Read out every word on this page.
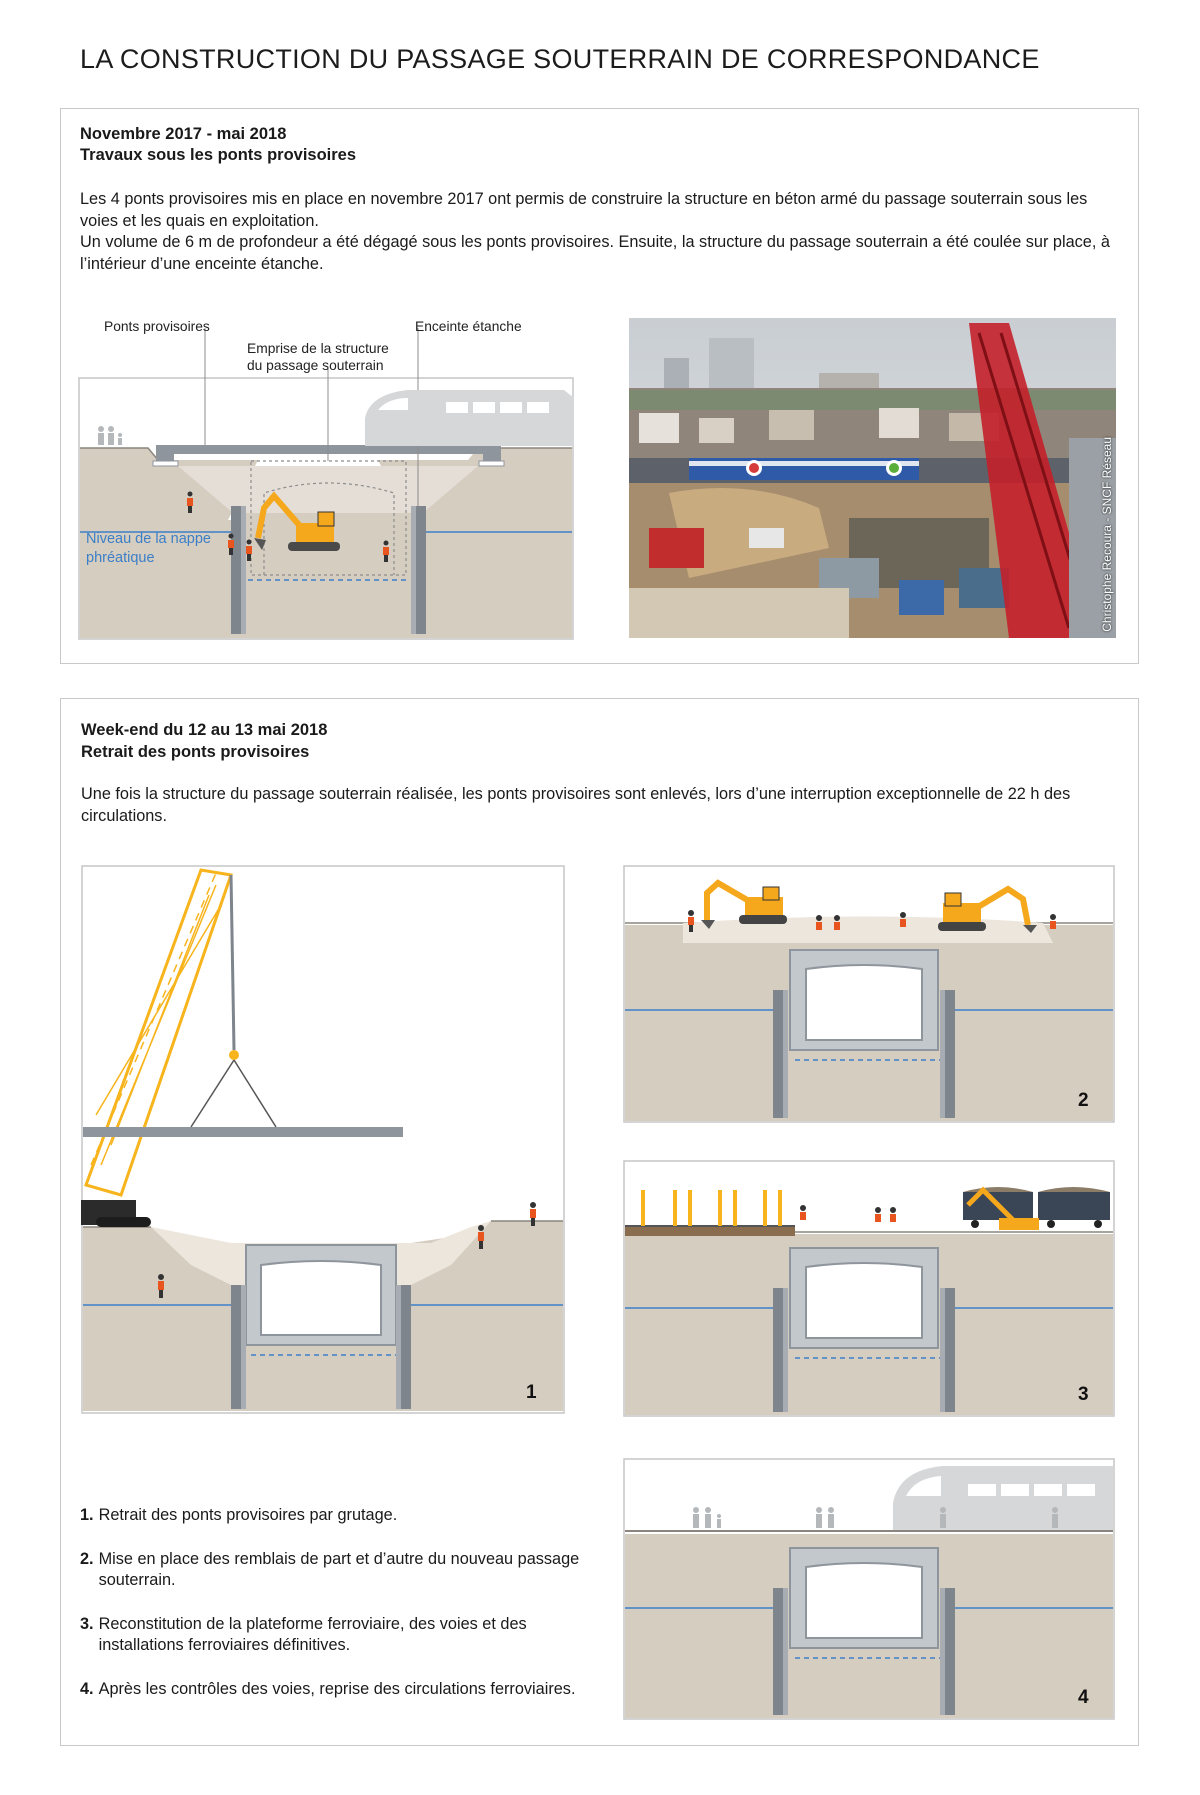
LA CONSTRUCTION DU PASSAGE SOUTERRAIN DE CORRESPONDANCE
Novembre 2017 - mai 2018
Travaux sous les ponts provisoires

Les 4 ponts provisoires mis en place en novembre 2017 ont permis de construire la structure en béton armé du passage souterrain sous les voies et les quais en exploitation.

Un volume de 6 m de profondeur a été dégagé sous les ponts provisoires. Ensuite, la structure du passage souterrain a été coulée sur place, à l’intérieur d’une enceinte étanche.

Ponts provisoires
Emprise de la structure
du passage souterrain
Enceinte étanche
Niveau de la nappe
phréatique	Christophe Recoura - SNCF Réseau
Week-end du 12 au 13 mai 2018
Retrait des ponts provisoires

Une fois la structure du passage souterrain réalisée, les ponts provisoires sont enlevés, lors d’une interruption exceptionnelle de 22 h des circulations.

1
2
3
4
1. Retrait des ponts provisoires par grutage.
2. Mise en place des remblais de part et d’autre du nouveau passage souterrain.
3. Reconstitution de la plateforme ferroviaire, des voies et des installations ferroviaires définitives.
4. Après les contrôles des voies, reprise des circulations ferroviaires.
